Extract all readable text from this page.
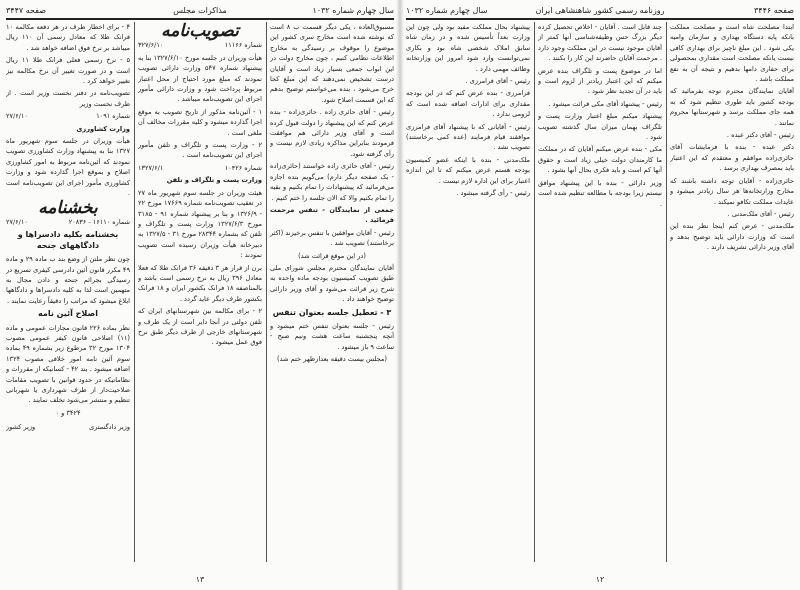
سال چهارم شماره ۱۰۳۲
مذاکرات مجلس
صفحه ۳۴۴۷

مسبوق‌العاده ، یکی دیگر قسمت ب ۸ است که نوشته شده است مخارج سری کشور این موضوع را موقوف بر رسیدگی به مخارج اطلاعات نظامی کنیم ، چون مخارج دولت در این ابواب جمعی بسیار زیاد است و آقایان درست تشخیص نمی‌دهند که این مبلغ کجا خرج می‌شود ، بنده می‌خواستم توضیح بدهم که این قسمت اصلاح شود.

رئیس - آقای حائری زاده . حائری‌زاده - بنده عرض کنم که این پیشنهاد را دولت قبول کرده است و آقای وزیر دارائی هم موافقت فرمودند بنابراین مذاکره زیادی لازم نیست و رأی گرفته شود.

رئیس - آقای حائری زاده خواستند (حائری‌زاده - یک صفحه دیگر دارم) می‌گویم بنده اجازه می‌فرمائید که پیشنهادات را تمام بکنیم و بقیه را تمام بکنیم والا که الان جلسه را ختم کنیم .

جمعی از نمایندگان - تنفس مرحمت فرمائید .

رئیس - آقایان موافقین با تنفس برخیزند (اکثر برخاستند) تصویب شد .

(در این موقع قرائت شد)

آقایان نمایندگان محترم مجلس شورای ملی طبق تصویب کمیسیون بودجه ماده واحده به شرح زیر قرائت می‌شود و آقای وزیر دارائی توضیح خواهند داد .

۳ - تعطیل جلسه بعنوان تنفس

رئیس - جلسه بعنوان تنفس ختم میشود و آنچه پنجشنبه ساعت هشت ونیم صبح - ساعت ۹ باز میشود .

(مجلس بیست دقیقه بعدازظهر ختم شد)

تصویب‌نامه
شماره ۱۱۱۶۶
۳۲۷/۶/۱۰

هیأت وزیران در جلسه مورخ ۱۳۲۷/۶/۱۰ بنا به پیشنهاد شماره ۵۴۷ وزارت دارائی تصویب نمودند که مبلغ مورد احتیاج از محل اعتبار مربوط پرداخت شود و وزارت دارائی مأمور اجرای این تصویب‌نامه میباشد .

۱ - آئین‌نامه مذکور از تاریخ تصویب به موقع اجرا گذارده میشود و کلیه مقررات مخالف آن ملغی است .

۲ - وزارت پست و تلگراف و تلفن مأمور اجرای این تصویب‌نامه است .

شماره ۱۰۴۲۶
۱۳۲۷/۶/۱

وزارت پست و تلگراف و تلفن

هیئت وزیران در جلسه سوم شهریور ماه ۲۷ در تعقیب تصویب‌نامه شماره ۱۷۶۶۹ مورخ ۲۲ - ۱۳۲۶/۹ و بنا بر پیشنهاد شماره ۹۱ - ۳۱۸۵ مورخ ۱۳۲۷/۶/۳ وزارت پست و تلگراف و تلفن که بشماره ۲۸۳۴۴ مورخ ۳۱ - ۱۳۲۷/۵ به دبیرخانه هیأت وزیران رسیده است تصویب نمودند :

برن از قرار هر ۳ دقیقه ۳۶ فرانک طلا که فعلا معادل ۳۹۶ ریال به نرخ رسمی است باشد و بالمناصفه ۱۸ فرانک بکشور ایران و ۱۸ فرانک بکشور طرف دیگر عاید گردد .

۲ - برای مکالمه بین شهرستانهای ایران که تلفن دولتی در آنجا دایر است از یک طرف و شهرستانهای خارجی از طرف دیگر طبق نرخ فوق عمل میشود .

۴ - برای اخطار طرف در هر دفعه مکالمه ۱۰ فرانک طلا که معادل رسمی آن ۱۱۰ ریال میباشد بر نرخ فوق اضافه خواهد شد .

۵ - نرخ رسمی فعلی فرانک طلا ۱۱ ریال است و در صورت تغییر آن نرخ مکالمه نیز تغییر خواهد کرد .

تصویب‌نامه در دفتر نخست وزیر است . از طرف نخست وزیر

شماره ۱۰۹۱
۲۷/۶/۱۰

وزارت کشاورزی

هیأت وزیران در جلسه سوم شهریور ماه ۱۳۲۷ بنا به پیشنهاد وزارت کشاورزی تصویب نمودند که آئین‌نامه مربوط به امور کشاورزی اصلاح و بموقع اجرا گذارده شود و وزارت کشاورزی مأمور اجرای این تصویب‌نامه است .

بخشنامه
شماره ۱۶۱۱۰ - ۲۰۸۳۶
۲۷/۶/۱۰
بخشنامه بکلیه دادسراها و دادگاههای جنحه

چون نظر ملتن از وضع بند ب ماده ۲۹ و ماده ۴۹ مکرر قانون آئین دادرسی کیفری تسریع در رسیدگی بجرائم جنحه و دادن مجال به متهمین است لذا به کلیه دادسراها و دادگاهها ابلاغ میشود که مراتب را دقیقاً رعایت نمایند .

اصلاح آئین نامه

نظر بماده ۲۲۶ قانون مجازات عمومی و ماده (۱۱) اصلاحی قانون کیفر عمومی مصوب ۱۳۰۴ مورخ ۳۲ مرطوع زیر بشماره ۴۹ بماده سوم آئین نامه امور خلافی مصوب ۱۳۲۴ اضافه میشود . بند ۴۲ - کسانیکه از مقررات و نظاماتیکه در حدود قوانین با تصویب مقامات صلاحیت‌دار از طرف شهرداری یا شهربانی تنظیم و منتشر می‌شود تخلف نمایند .

۳۴۲۴ و ۰

وزیر دادگستری
وزیر کشور
۱۳
صفحه ۳۴۴۶
روزنامه رسمی کشور شاهنشاهی ایران
سال چهارم شماره ۱۰۳۲

ابتدا مصلحت شاه است و مصلحت مملکت بانکه پایه دستگاه بهداری و سازمان وامیه یکی شود . این مبلغ ناچیز برای بهداری کافی نیست یانکه مصلحت است مقداری بمحصولی برای حفاری دامها بدهیم و نتیجه آن به نفع مملکت باشد .

آقایان نمایندگان محترم توجه بفرمائید که بودجه کشور باید طوری تنظیم شود که به همه جای مملکت برسد و شهرستانها محروم نمانند .

رئیس - آقای دکتر عبده .

دکتر عبده - بنده با فرمایشات آقای حائری‌زاده موافقم و معتقدم که این اعتبار باید بمصرف بهداری برسد .

حائری‌زاده - آقایان توجه داشته باشند که مخارج وزارتخانه‌ها هر سال زیادتر میشود و عایدات مملکت تکافو نمیکند .

رئیس - آقای ملک‌مدنی .

ملک‌مدنی - عرض کنم اینجا نظر بنده این است که وزارت دارائی باید توضیح بدهد و آقای وزیر دارائی تشریف دارند .

چند قابل است . آقایان - اخلاص تحصیل کرده دیگر بزرگ حس وظیفه‌شناسی آنها کمتر از آقایان موجود نیست در این مملکت وجود دارد . مرحمت آقایان حاضرند این کار را بکنند .

اما در موضوع پست و تلگراف بنده عرض میکنم که این اعتبار زیادتر از لزوم است و باید در آن تجدید نظر شود .

رئیس - پیشنهاد آقای مکی قرائت میشود .

پیشنهاد میکنم مبلغ اعتبار وزارت پست و تلگراف بهمان میزان سال گذشته تصویب شود .

مکی - بنده عرض میکنم آقایان که در مملکت ما کارمندان دولت خیلی زیاد است و حقوق آنها کم است و باید فکری بحال آنها بشود .

وزیر دارائی - بنده با این پیشنهاد موافق نیستم زیرا بودجه با مطالعه تنظیم شده است .

پیشنهاد بحال مملکت مفید بود ولی چون این وزارت بعداً تأسیس شده و در زمان شاه سابق املاک شخصی شاه بود و بکاری نمی‌توانست وارد شود امروز این وزارتخانه وظائف مهمی دارد .

رئیس - آقای فرامرزی .

فرامرزی - بنده عرض کنم که در این بودجه مقداری برای ادارات اضافه شده است که لزومی ندارد .

رئیس - آقایانی که با پیشنهاد آقای فرامرزی موافقند قیام فرمایند (عده کمی برخاستند) تصویب نشد .

ملک‌مدنی - بنده با اینکه عضو کمیسیون بودجه هستم عرض میکنم که تا این اندازه اعتبار برای این اداره لازم نیست .

رئیس - رأی گرفته میشود .

۱۲
